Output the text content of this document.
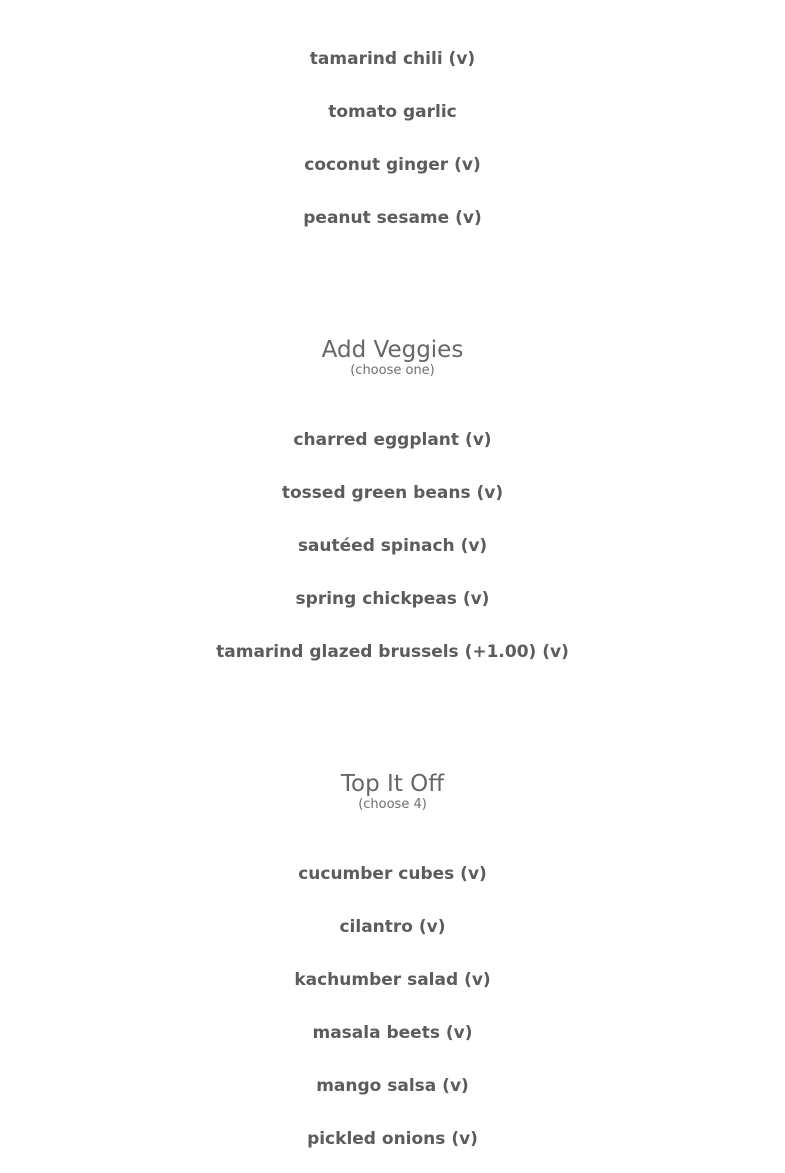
tamarind chili (v)
tomato garlic
coconut ginger (v)
peanut sesame (v)
Add Veggies
(choose one)
charred eggplant (v)
tossed green beans (v)
sautéed spinach (v)
spring chickpeas (v)
tamarind glazed brussels (+1.00) (v)
Top It Off
(choose 4)
cucumber cubes (v)
cilantro (v)
kachumber salad (v)
masala beets (v)
mango salsa (v)
pickled onions (v)
